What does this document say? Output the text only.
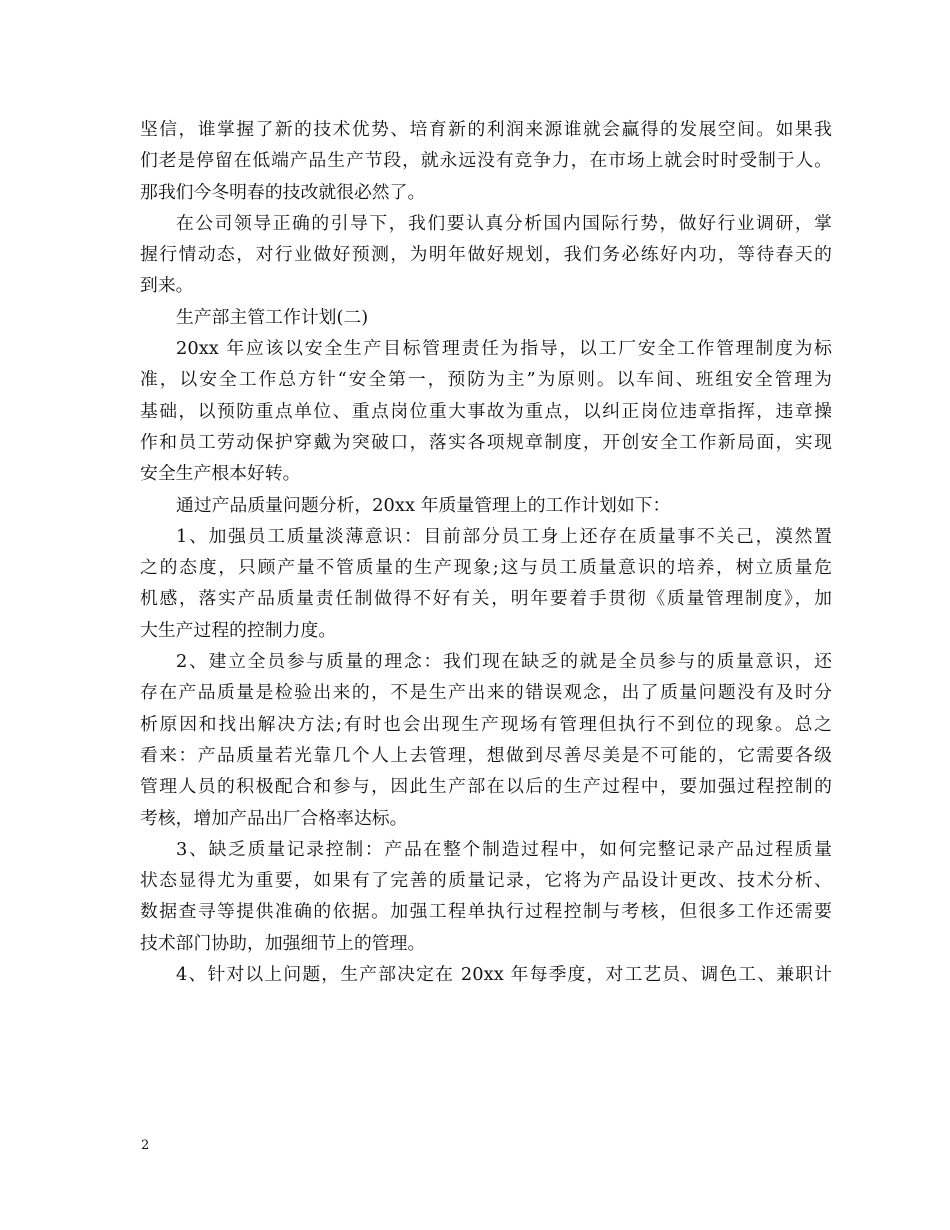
坚信，谁掌握了新的技术优势、培育新的利润来源谁就会赢得的发展空间。如果我
们老是停留在低端产品生产节段，就永远没有竞争力，在市场上就会时时受制于人。
那我们今冬明春的技改就很必然了。
在公司领导正确的引导下，我们要认真分析国内国际行势，做好行业调研，掌
握行情动态，对行业做好预测，为明年做好规划，我们务必练好内功，等待春天的
到来。
生产部主管工作计划(二)
20xx 年应该以安全生产目标管理责任为指导，以工厂安全工作管理制度为标
准，以安全工作总方针“安全第一，预防为主”为原则。以车间、班组安全管理为
基础，以预防重点单位、重点岗位重大事故为重点，以纠正岗位违章指挥，违章操
作和员工劳动保护穿戴为突破口，落实各项规章制度，开创安全工作新局面，实现
安全生产根本好转。
通过产品质量问题分析，20xx 年质量管理上的工作计划如下：
1、加强员工质量淡薄意识：目前部分员工身上还存在质量事不关己，漠然置
之的态度，只顾产量不管质量的生产现象;这与员工质量意识的培养，树立质量危
机感，落实产品质量责任制做得不好有关，明年要着手贯彻《质量管理制度》，加
大生产过程的控制力度。
2、建立全员参与质量的理念：我们现在缺乏的就是全员参与的质量意识，还
存在产品质量是检验出来的，不是生产出来的错误观念，出了质量问题没有及时分
析原因和找出解决方法;有时也会出现生产现场有管理但执行不到位的现象。总之
看来：产品质量若光靠几个人上去管理，想做到尽善尽美是不可能的，它需要各级
管理人员的积极配合和参与，因此生产部在以后的生产过程中，要加强过程控制的
考核，增加产品出厂合格率达标。
3、缺乏质量记录控制：产品在整个制造过程中，如何完整记录产品过程质量
状态显得尤为重要，如果有了完善的质量记录，它将为产品设计更改、技术分析、
数据查寻等提供准确的依据。加强工程单执行过程控制与考核，但很多工作还需要
技术部门协助，加强细节上的管理。
4、针对以上问题，生产部决定在 20xx 年每季度，对工艺员、调色工、兼职计
2
